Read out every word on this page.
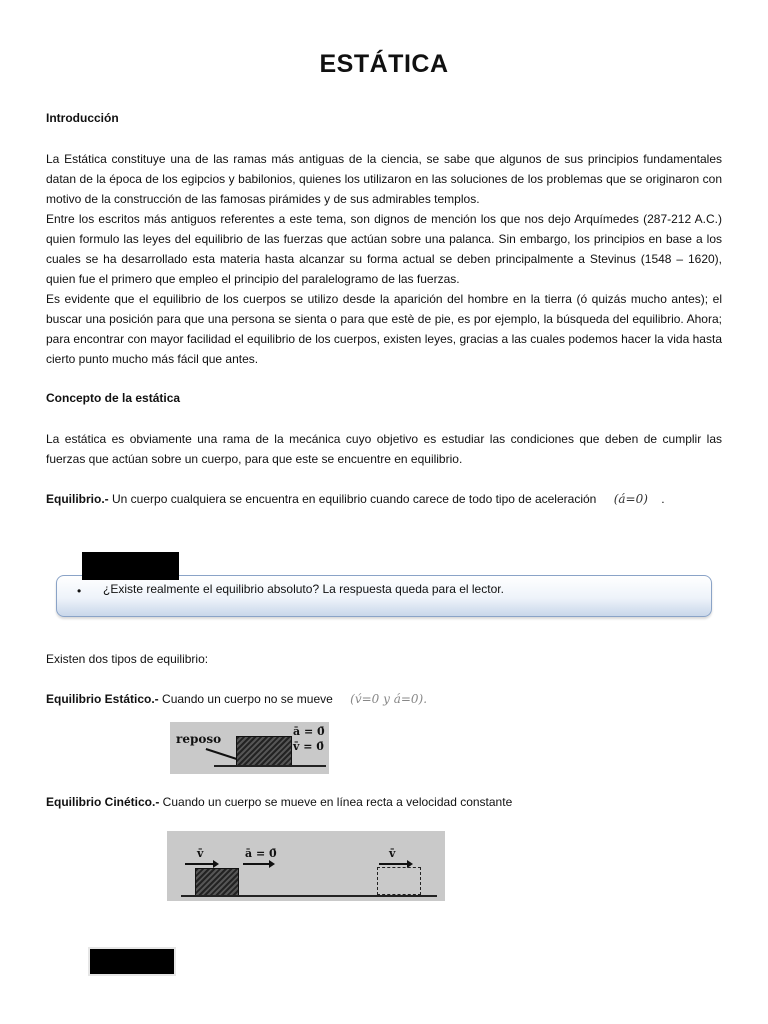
ESTÁTICA
Introducción
La Estática constituye una de las ramas más antiguas de la ciencia, se sabe que algunos de sus principios fundamentales datan de la época de los egipcios y babilonios, quienes los utilizaron en las soluciones de los problemas que se originaron con motivo de la construcción de las famosas pirámides y de sus admirables templos.
Entre los escritos más antiguos referentes a este tema, son dignos de mención los que nos dejo Arquímedes (287-212 A.C.) quien formulo las leyes del equilibrio de las fuerzas que actúan sobre una palanca. Sin embargo, los principios en base a los cuales se ha desarrollado esta materia hasta alcanzar su forma actual se deben principalmente a Stevinus (1548 – 1620), quien fue el primero que empleo el principio del paralelogramo de las fuerzas.
Es evidente que el equilibrio de los cuerpos se utilizo desde la aparición del hombre en la tierra (ó quizás mucho antes); el buscar una posición para que una persona se sienta o para que estè de pie, es por ejemplo, la búsqueda del equilibrio. Ahora; para encontrar con mayor facilidad el equilibrio de los cuerpos, existen leyes, gracias a las cuales podemos hacer la vida hasta cierto punto mucho más fácil que antes.
Concepto de la estática
La estática es obviamente una rama de la mecánica cuyo objetivo es estudiar las condiciones que deben de cumplir las fuerzas que actúan sobre un cuerpo, para que este se encuentre en equilibrio.
Equilibrio.- Un cuerpo cualquiera se encuentra en equilibrio cuando carece de todo tipo de aceleración (á=0) .
• ¿Existe realmente el equilibrio absoluto? La respuesta queda para el lector.
Existen dos tipos de equilibrio:
Equilibrio Estático.- Cuando un cuerpo no se mueve (v́=0 y á=0).
reposo
ā = 0̄
v̄ = 0̄
Equilibrio Cinético.- Cuando un cuerpo se mueve en línea recta a velocidad constante
v̄	ā = 0̄	v̄
